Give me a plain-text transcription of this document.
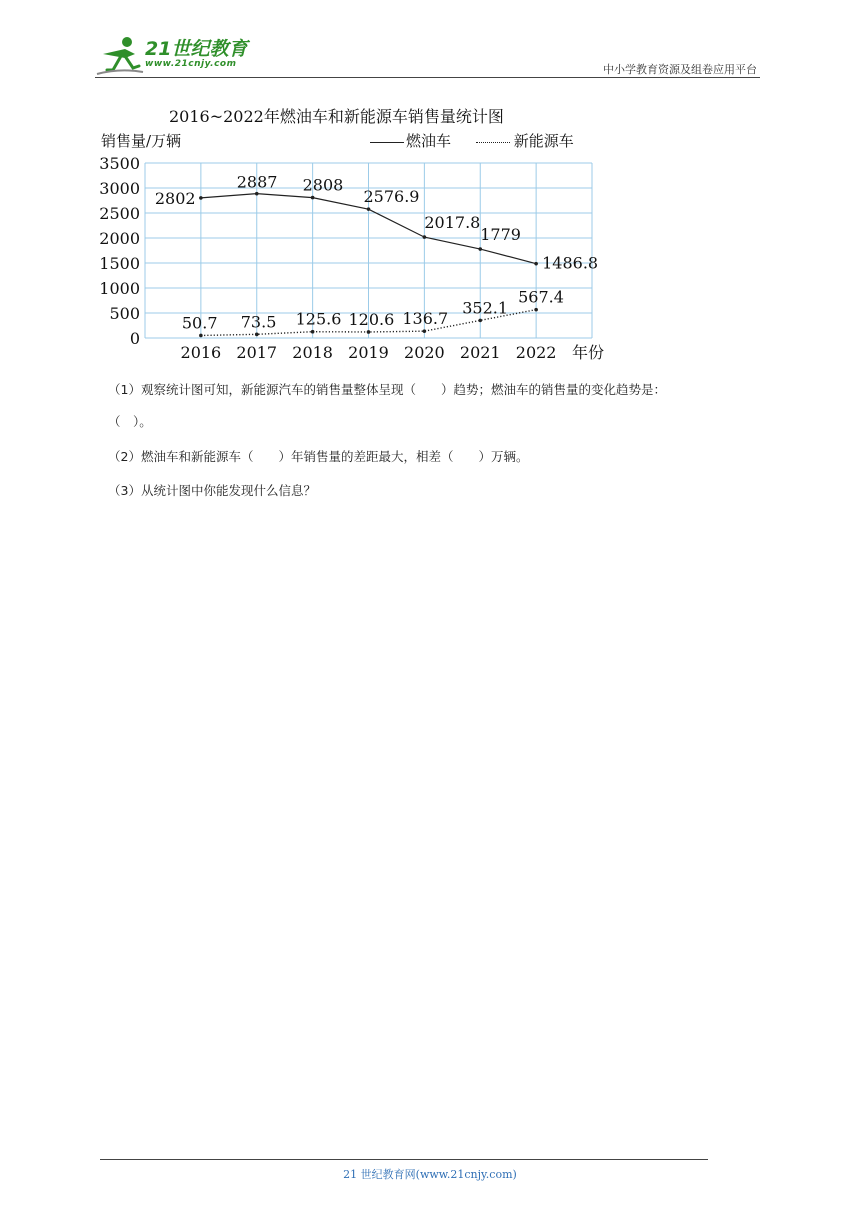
21世纪教育
www.21cnjy.com	中小学教育资源及组卷应用平台
0
500
1000
1500
2000
2500
3000
3500
2016 2017 2018 2019 2020 2021 2022 年份
2802
2887 2808
2576.9
2017.8
1779
1486.8
50.7 73.5 125.6 120.6 136.7
352.1
567.4
2016~2022年燃油车和新能源车销售量统计图
销售量/万辆	燃油车	新能源车
（1）观察统计图可知，新能源汽车的销售量整体呈现（　　）趋势；燃油车的销售量的变化趋势是：
（　）。
（2）燃油车和新能源车（　　）年销售量的差距最大，相差（　　）万辆。
（3）从统计图中你能发现什么信息？
21 世纪教育网(www.21cnjy.com)
